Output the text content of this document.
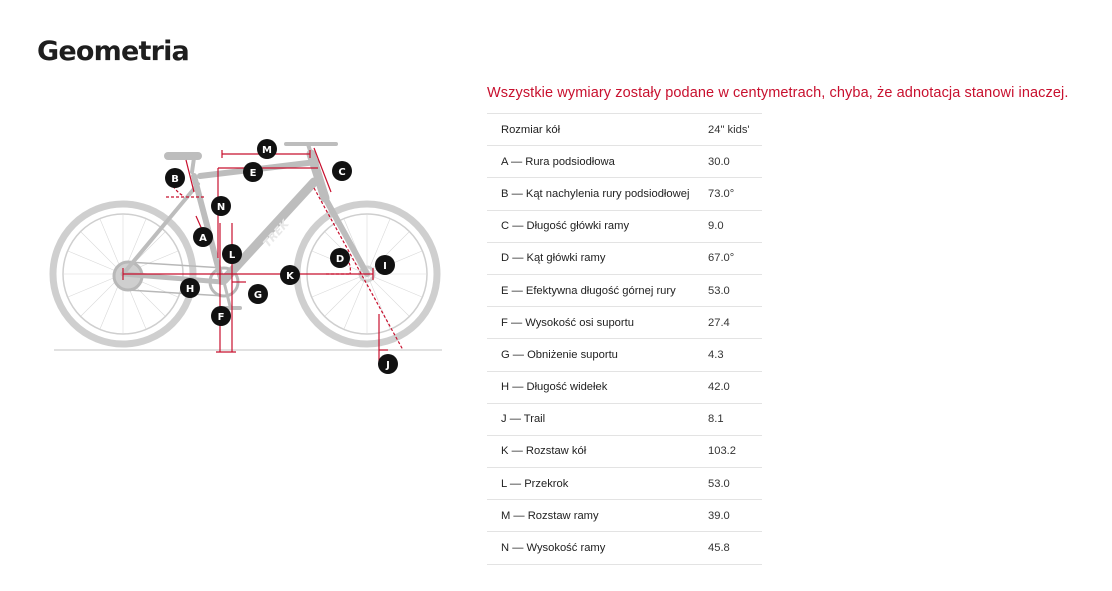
Geometria
TREK
M
E	C
B
N
A
L	D
I
K
H
G
F
J
Wszystkie wymiary zostały podane w centymetrach, chyba, że adnotacja stanowi inaczej.
Rozmiar kół	24" kids'
A — Rura podsiodłowa	30.0
B — Kąt nachylenia rury podsiodłowej	73.0°
C — Długość główki ramy	9.0
D — Kąt główki ramy	67.0°
E — Efektywna długość górnej rury	53.0
F — Wysokość osi suportu	27.4
G — Obniżenie suportu	4.3
H — Długość widełek	42.0
J — Trail	8.1
K — Rozstaw kół	103.2
L — Przekrok	53.0
M — Rozstaw ramy	39.0
N — Wysokość ramy	45.8
